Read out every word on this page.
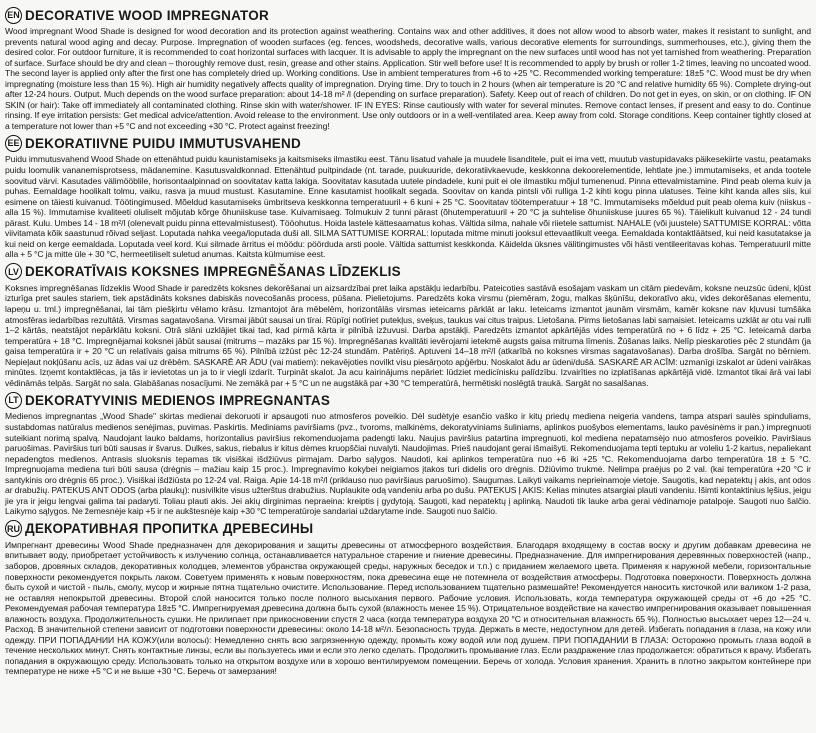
EN DECORATIVE WOOD IMPREGNATOR
Wood impregnant Wood Shade is designed for wood decoration and its protection against weathering. Contains wax and other additives, it does not allow wood to absorb water, makes it resistant to sunlight, and prevents natural wood aging and decay. Purpose. Impregnation of wooden surfaces (eg. fences, woodsheds, decorative walls, various decorative elements for surroundings, summerhouses, etc.), giving them the desired color. For outdoor furniture, it is recommended to coat horizontal surfaces with lacquer. It is advisable to apply the impregnant on the new surfaces until wood has not yet tarnished from weathering. Preparation of surface. Surface should be dry and clean – thoroughly remove dust, resin, grease and other stains. Application. Stir well before use! It is recommended to apply by brush or roller 1-2 times, leaving no uncoated wood. The second layer is applied only after the first one has completely dried up. Working conditions. Use in ambient temperatures from +6 to +25 °C. Recommended working temperature: 18±5 °C. Wood must be dry when impregnating (moisture less than 15 %). High air humidity negatively affects quality of impregnation. Drying time. Dry to touch in 2 hours (when air temperature is 20 °C and relative humidity 65 %). Complete drying-out after 12-24 hours. Output. Much depends on the wood surface preparation: about 14-18 m² /l (depending on surface preparation). Safety. Keep out of reach of children. Do not get in eyes, on skin, or on clothing. IF ON SKIN (or hair): Take off immediately all contaminated clothing. Rinse skin with water/shower. IF IN EYES: Rinse cautiously with water for several minutes. Remove contact lenses, if present and easy to do. Continue rinsing. If eye irritation persists: Get medical advice/attention. Avoid release to the environment. Use only outdoors or in a well-ventilated area. Keep away from cold. Storage conditions. Keep container tightly closed at a temperature not lower than +5 °C and not exceeding +30 °C. Protect against freezing!
EE DEKORATIIVNE PUIDU IMMUTUSVAHEND
Puidu immutusvahend Wood Shade on ettenähtud puidu kaunistamiseks ja kaitsmiseks ilmastiku eest. Tänu lisatud vahale ja muudele lisanditele, puit ei ima vett, muutub vastupidavaks päikesekiirte vastu, peatamaks puidu loomulik vananemisprotsess, mädanemine. Kasutusvaldkonnad. Ettenähtud puitpindade (nt. tarade, puukuuride, dekoratiivkaevude, keskkonna dekoorelementide, lehtlate jne.) immutamiseks, et anda tootele soovitud värvi. Kasutades välimööblile, horisontaalpinnad on soovitatav katta lakiga. Soovitatav kasutada uutele pindadele, kuni puit ei ole ilmastiku mõjul tumenenud. Pinna ettevalmistamine. Pind peab olema kuiv ja puhas. Eemaldage hoolikalt tolmu, vaiku, rasva ja muud mustust. Kasutamine. Enne kasutamist hoolikalt segada. Soovitav on kanda pintsli või rulliga 1-2 kihti kogu pinna ulatuses. Teine kiht kanda alles siis, kui esimene on täiesti kuivanud. Töötingimused. Mõeldud kasutamiseks ümbritseva keskkonna temperatuuril + 6 kuni + 25 °C. Soovitatav töötemperatuur + 18 °C. Immutamiseks mõeldud puit peab olema kuiv (niiskus - alla 15 %). Immutamise kvaliteeti oluliselt mõjutab kõrge õhuniiskuse tase. Kuivamisaeg. Tolmukuiv 2 tunni pärast (õhutemperatuuril + 20 °C ja suhtelise õhuniiskuse juures 65 %). Täielikult kuivanud 12 - 24 tundi pärast. Kulu. Umbes 14 - 18 m²/l (olenevalt puidu pinna ettevalmistusest). Tööohutus. Hoida lastele kättesaamatus kohas. Vältida silma, nahale või riietele sattumist. NAHALE (või juustele) SATTUMISE KORRAL: võtta viivitamata kõik saastunud rõivad seljast. Loputada nahka veega/loputada duši all. SILMA SATTUMISE KORRAL: loputada mitme minuti jooksul ettevaatlikult veega. Eemaldada kontaktläätsed, kui neid kasutatakse ja kui neid on kerge eemaldada. Loputada veel kord. Kui silmade ärritus ei möödu: pöörduda arsti poole. Vältida sattumist keskkonda. Käidelda üksnes välitingimustes või hästi ventileeritavas kohas. Temperatuuril mitte alla + 5 °C ja mitte üle + 30 °C, hermeetiliselt suletud anumas. Kaitsta külmumise eest.
LV DEKORATĪVAIS KOKSNES IMPREGNĒŠANAS LĪDZEKLIS
Koksnes impregnēšanas līdzeklis Wood Shade ir paredzēts koksnes dekorēšanai un aizsardzībai pret laika apstākļu iedarbību. Pateicoties sastāvā esošajam vaskam un citām piedevām, koksne neuzsūc ūdeni, kļūst izturīga pret saules stariem, tiek apstādināts koksnes dabiskās novecošanās process, pūšana. Pielietojums. Paredzēts koka virsmu (piemēram, žogu, malkas šķūnīšu, dekoratīvo aku, vides dekorēšanas elementu, lapeņu u. tml.) impregnēšanai, lai tām piešķirtu vēlamo krāsu. Izmantojot āra mēbelēm, horizontālās virsmas ieteicams pārklāt ar laku. Ieteicams izmantot jaunām virsmām, kamēr koksne nav kļuvusi tumšāka atmosfēras iedarbības rezultātā. Virsmas sagatavošana. Virsmai jābūt sausai un tīrai. Rūpīgi notīriet putekļus, sveķus, taukus vai citus traipus. Lietošana. Pirms lietošanas labi samaisiet. Ieteicams uzklāt ar otu vai rulli 1–2 kārtās, neatstājot nepārklātu koksni. Otrā slāni uzklājiet tikai tad, kad pirmā kārta ir pilnībā izžuvusi. Darba apstākļi. Paredzēts izmantot apkārtējās vides temperatūrā no + 6 līdz + 25 °C. Ieteicamā darba temperatūra + 18 °C. Impregnējamai koksnei jābūt sausai (mitrums – mazāks par 15 %). Impregnēšanas kvalitāti ievērojami ietekmē augsts gaisa mitruma līmenis. Žūšanas laiks. Nelīp pieskaroties pēc 2 stundām (ja gaisa temperatūra ir + 20 °C un relatīvais gaisa mitrums 65 %). Pilnībā izžūst pēc 12-24 stundām. Patēriņš. Aptuveni 14–18 m²/l (atkarībā no koksnes virsmas sagatavošanas). Darba drošība. Sargāt no bērniem. Nepieļaut nokļūšanu acīs, uz ādas vai uz drēbēm. SASKARĒ AR ĀDU (vai matiem): nekavējoties novilkt visu piesārņoto apģērbu. Noskalot ādu ar ūdeni/dušā. SASKARĒ AR ACĪM: uzmanīgi izskalot ar ūdeni vairākas minūtes. Izņemt kontaktlēcas, ja tās ir ievietotas un ja to ir viegli izdarīt. Turpināt skalot. Ja acu kairinājums nepāriet: lūdziet medicīnisku palīdzību. Izvairīties no izplatīšanas apkārtējā vidē. Izmantot tikai ārā vai labi vēdināmās telpās. Sargāt no sala. Glabāšanas nosacījumi. Ne zemākā par + 5 °C un ne augstākā par +30 °C temperatūrā, hermētiski noslēgtā traukā. Sargāt no sasalšanas.
LT DEKORATYVINIS MEDIENOS IMPREGNANTAS
Medienos impregnantas „Wood Shade" skirtas medienai dekoruoti ir apsaugoti nuo atmosferos poveikio. Dėl sudėtyje esančio vaško ir kitų priedų mediena neigeria vandens, tampa atspari saulės spinduliams, sustabdomas natūralus medienos senėjimas, puvimas. Paskirtis. Mediniams paviršiams (pvz., tvoroms, malkinėms, dekoratyviniams šuliniams, aplinkos puošybos elementams, lauko pavėsinėms ir pan.) impregnuoti suteikiant norimą spalvą. Naudojant lauko baldams, horizontalius paviršius rekomenduojama padengti laku. Naujus paviršius patartina impregnuoti, kol mediena nepatamsėjo nuo atmosferos poveikio. Paviršiaus paruošimas. Paviršius turi būti sausas ir švarus. Dulkes, sakus, riebalus ir kitus dėmes kruopščiai nuvalyti. Naudojimas. Prieš naudojant gerai išmaišyti. Rekomenduojama tepti teptuku ar voleliu 1-2 kartus, nepaliekant nepadengtos medienos. Antrasis sluoksnis tepamas tik visiškai išdžiūvus pirmajam. Darbo sąlygos. Naudoti, kai aplinkos temperatūra nuo +6 iki +25 °C. Rekomenduojama darbo temperatūra 18 ± 5 °C. Impregnuojama mediena turi būti sausa (drėgnis – mažiau kaip 15 proc.). Impregnavimo kokybei neigiamos įtakos turi didelis oro drėgnis. Džiūvimo trukmė. Nelimpa praėjus po 2 val. (kai temperatūra +20 °C ir santykinis oro drėgnis 65 proc.). Visiškai išdžiūsta po 12-24 val. Raiga. Apie 14-18 m²/l (priklauso nuo paviršiaus paruošimo). Saugumas. Laikyti vaikams neprieinamoje vietoje. Saugotis, kad nepatektų į akis, ant odos ar drabužių. PATEKUS ANT ODOS (arba plaukų): nusivilkite visus užterštus drabužius. Nuplaukite odą vandeniu arba po dušu. PATEKUS Į AKIS: Kelias minutes atsargiai plauti vandeniu. Išimti kontaktinius lęšius, jeigu jie yra ir jeigu lengvai galima tai padaryti. Toliau plauti akis. Jei akių dirginimas nepraeina: kreiptis į gydytoją. Saugoti, kad nepatektų į aplinką. Naudoti tik lauke arba gerai vėdinamoje patalpoje. Saugoti nuo šalčio. Laikymo sąlygos. Ne žemesnėje kaip +5 ir ne aukštesnėje kaip +30 °C temperatūroje sandariai uždarytame inde. Saugoti nuo šalčio.
RU ДЕКОРАТИВНАЯ ПРОПИТКА ДРЕВЕСИНЫ
Импрегнант древесины Wood Shade предназначен для декорирования и защиты древесины от атмосферного воздействия. Благодаря входящему в состав воску и другим добавкам древесина не впитывает воду, приобретает устойчивость к излучению солнца, останавливается натуральное старение и гниение древесины. Предназначение. Для импрегнирования деревянных поверхностей (напр., заборов, дровяных складов, декоративных колодцев, элементов убранства окружающей среды, наружных беседок и т.п.) с приданием желаемого цвета. Применяя к наружной мебели, горизонтальные поверхности рекомендуется покрыть лаком. Советуем применять к новым поверхностям, пока древесина еще не потемнела от воздействия атмосферы. Подготовка поверхности. Поверхность должна быть сухой и чистой - пыль, смолу, мусор и жирные пятна тщательно очистите. Использование. Перед использованием тщательно размешайте! Рекомендуется наносить кисточкой или валиком 1-2 раза, не оставляя непокрытой древесины. Второй слой наносится только после полного высыхания первого. Рабочие условия. Использовать, когда температура окружающей среды от +6 до +25 °C. Рекомендуемая рабочая температура 18±5 °C. Импрегнируемая древесина должна быть сухой (влажность менее 15 %). Отрицательное воздействие на качество импрегнирования оказывает повышенная влажность воздуха. Продолжительность сушки. Не прилипает при прикосновении спустя 2 часа (когда температура воздуха 20 °C и относительная влажность 65 %). Полностью высыхает через 12—24 ч. Расход. В значительной степени зависит от подготовки поверхности древесины: около 14-18 м²/л. Безопасность труда. Держать в месте, недоступном для детей. Избегать попадания в глаза, на кожу или одежду. ПРИ ПОПАДАНИИ НА КОЖУ(или волосы): Немедленно снять всю загрязненную одежду, промыть кожу водой или под душем. ПРИ ПОПАДАНИИ В ГЛАЗА: Осторожно промыть глаза водой в течение нескольких минут. Снять контактные линзы, если вы пользуетесь ими и если это легко сделать. Продолжить промывание глаз. Если раздражение глаз продолжается: обратиться к врачу. Избегать попадания в окружающую среду. Использовать только на открытом воздухе или в хорошо вентилируемом помещении. Беречь от холода. Условия хранения. Хранить в плотно закрытом контейнере при температуре не ниже +5 °C и не выше +30 °C. Беречь от замерзания!
